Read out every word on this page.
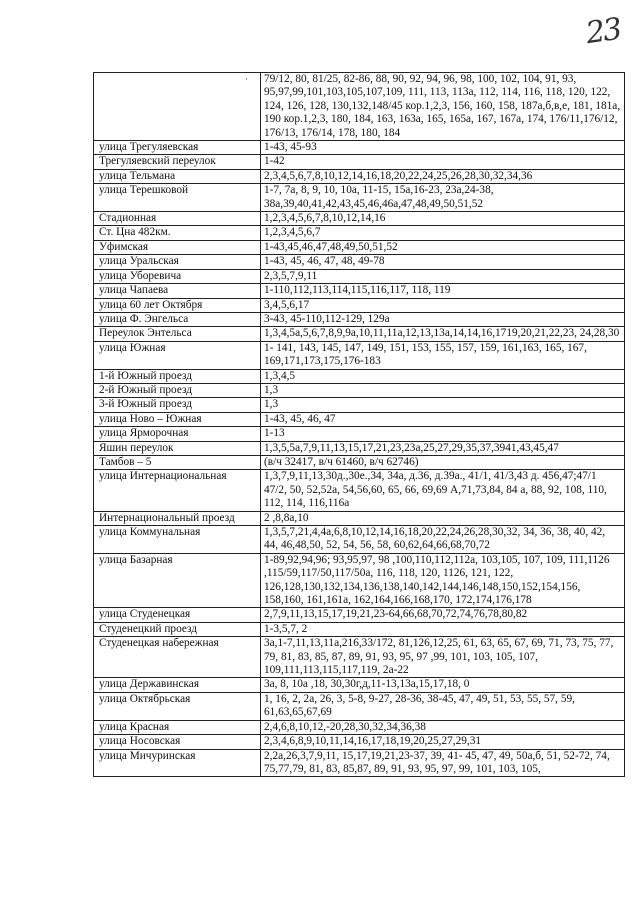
23
·	79/12, 80, 81/25, 82-86, 88, 90, 92, 94, 96, 98, 100, 102, 104, 91, 93, 95,97,99,101,103,105,107,109, 111, 113, 113а, 112, 114, 116, 118, 120, 122, 124, 126, 128, 130,132,148/45 кор.1,2,3, 156, 160, 158, 187а,б,в,е, 181, 181а, 190 кор.1,2,3, 180, 184, 163, 163а, 165, 165а, 167, 167а, 174, 176/11,176/12, 176/13, 176/14, 178, 180, 184
улица Трегуляевская	1-43, 45-93
Трегуляевский переулок	1-42
улица Тельмана	2,3,4,5,6,7,8,10,12,14,16,18,20,22,24,25,26,28,30,32,34,36
улица Терешковой	1-7, 7а, 8, 9, 10, 10а, 11-15, 15а,16-23, 23а,24-38, 38а,39,40,41,42,43,45,46,46а,47,48,49,50,51,52
Стадионная	1,2,3,4,5,6,7,8,10,12,14,16
Ст. Цна 482км.	1,2,3,4,5,6,7
Уфимская	1-43,45,46,47,48,49,50,51,52
улица Уральская	1-43, 45, 46, 47, 48, 49-78
улица Уборевича	2,3,5,7,9,11
улица Чапаева	1-110,112,113,114,115,116,117, 118, 119
улица 60 лет Октября	3,4,5,6,17
улица Ф. Энгельса	3-43, 45-110,112-129, 129а
Переулок Энтельса	1,3,4,5а,5,6,7,8,9,9а,10,11,11а,12,13,13а,14,14,16,1719,20,21,22,23, 24,28,30
улица Южная	1- 141, 143, 145, 147, 149, 151, 153, 155, 157, 159, 161,163, 165, 167, 169,171,173,175,176-183
1-й Южный проезд	1,3,4,5
2-й Южный проезд	1,3
3-й Южный проезд	1,3
улица Ново – Южная	1-43, 45, 46, 47
улица Ярморочная	1-13
Яшин переулок	1,3,5,5а,7,9,11,13,15,17,21,23,23а,25,27,29,35,37,3941,43,45,47
Тамбов – 5	(в/ч 32417, в/ч 61460, в/ч 62746)
улица Интернациональная	1,3,7,9,11,13,30д.,30е.,34, 34а, д.36, д.39а., 41/1, 41/3,43 д. 456,47;47/1 47/2, 50, 52,52а, 54,56,60, 65, 66, 69,69 А,71,73,84, 84 а, 88, 92, 108, 110, 112, 114, 116,116а
Интернациональный проезд	2 ,8,8а,10
улица Коммунальная	1,3,5,7,21,4,4а,6,8,10,12,14,16,18,20,22,24,26,28,30,32, 34, 36, 38, 40, 42, 44, 46,48,50, 52, 54, 56, 58, 60,62,64,66,68,70,72
улица Базарная	1-89,92,94,96; 93,95,97, 98 ,100,110,112,112а, 103,105, 107, 109, 111,1126 ,115/59,117/50,117/50а, 116, 118, 120, 1126, 121, 122, 126,128,130,132,134,136,138,140,142,144,146,148,150,152,154,156, 158,160, 161,161а, 162,164,166,168,170, 172,174,176,178
улица Студенецкая	2,7,9,11,13,15,17,19,21,23-64,66,68,70,72,74,76,78,80,82
Студенецкий проезд	1-3,5,7, 2
Студенецкая набережная	3а,1-7,11,13,11а,216,33/172, 81,126,12,25, 61, 63, 65, 67, 69, 71, 73, 75, 77, 79, 81, 83, 85, 87, 89, 91, 93, 95, 97 ,99, 101, 103, 105, 107, 109,111,113,115,117,119, 2а-22
улица Державинская	3а, 8, 10а ,18, 30,30г,д,11-13,13а,15,17,18, 0
улица Октябрьская	1, 16, 2, 2а, 26, 3, 5-8, 9-27, 28-36, 38-45, 47, 49, 51, 53, 55, 57, 59, 61,63,65,67,69
улица Красная	2,4,6,8,10,12,-20,28,30,32,34,36,38
улица Носовская	2,3,4,6,8,9,10,11,14,16,17,18,19,20,25,27,29,31
улица Мичуринская	2,2а,26,3,7,9,11, 15,17,19,21,23-37, 39, 41- 45, 47, 49, 50а,б, 51, 52-72, 74, 75,77,79, 81, 83, 85,87, 89, 91, 93, 95, 97, 99, 101, 103, 105,
